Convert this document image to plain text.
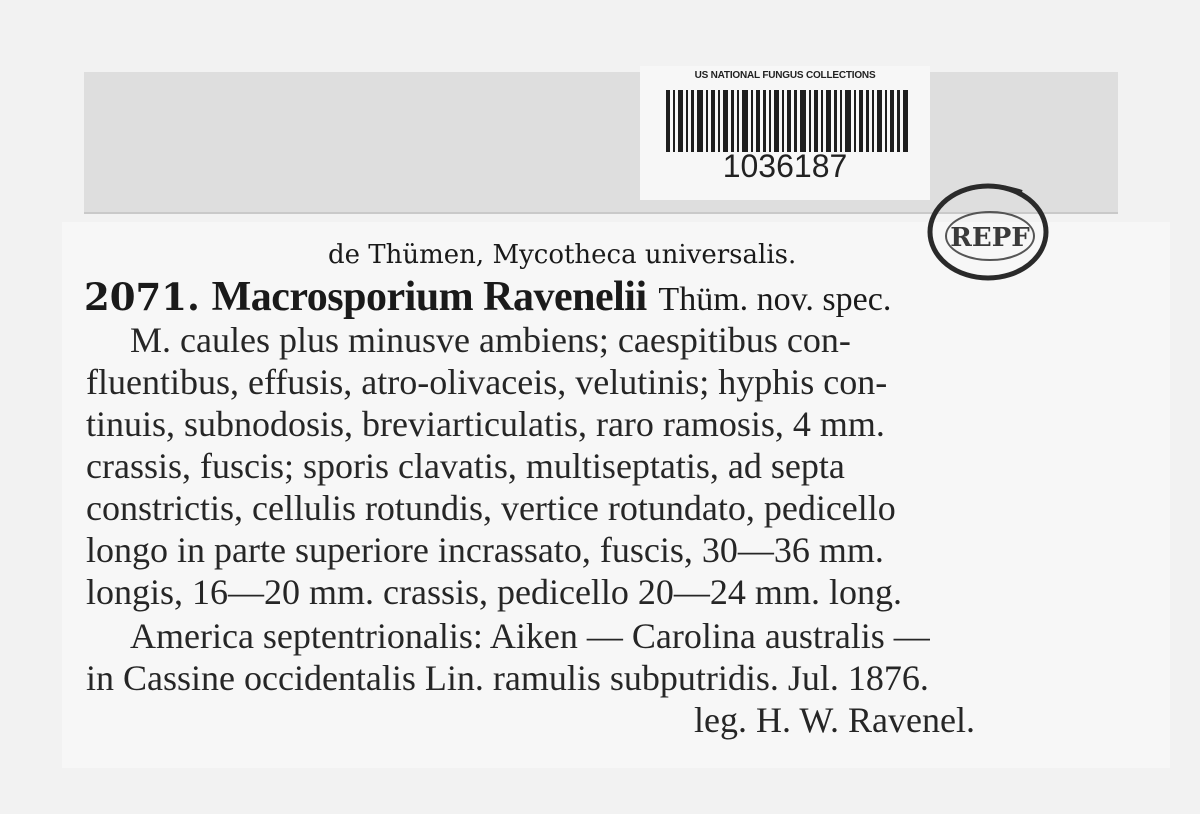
US NATIONAL FUNGUS COLLECTIONS
1036187
REPF
de Thümen, Mycotheca universalis.
2071. Macrosporium Ravenelii Thüm. nov. spec.
M. caules plus minusve ambiens; caespitibus con-
fluentibus, effusis, atro-olivaceis, velutinis; hyphis con-
tinuis, subnodosis, breviarticulatis, raro ramosis, 4 mm.
crassis, fuscis; sporis clavatis, multiseptatis, ad septa
constrictis, cellulis rotundis, vertice rotundato, pedicello
longo in parte superiore incrassato, fuscis, 30—36 mm.
longis, 16—20 mm. crassis, pedicello 20—24 mm. long.
America septentrionalis: Aiken — Carolina australis —
in Cassine occidentalis Lin. ramulis subputridis. Jul. 1876.
leg. H. W. Ravenel.
